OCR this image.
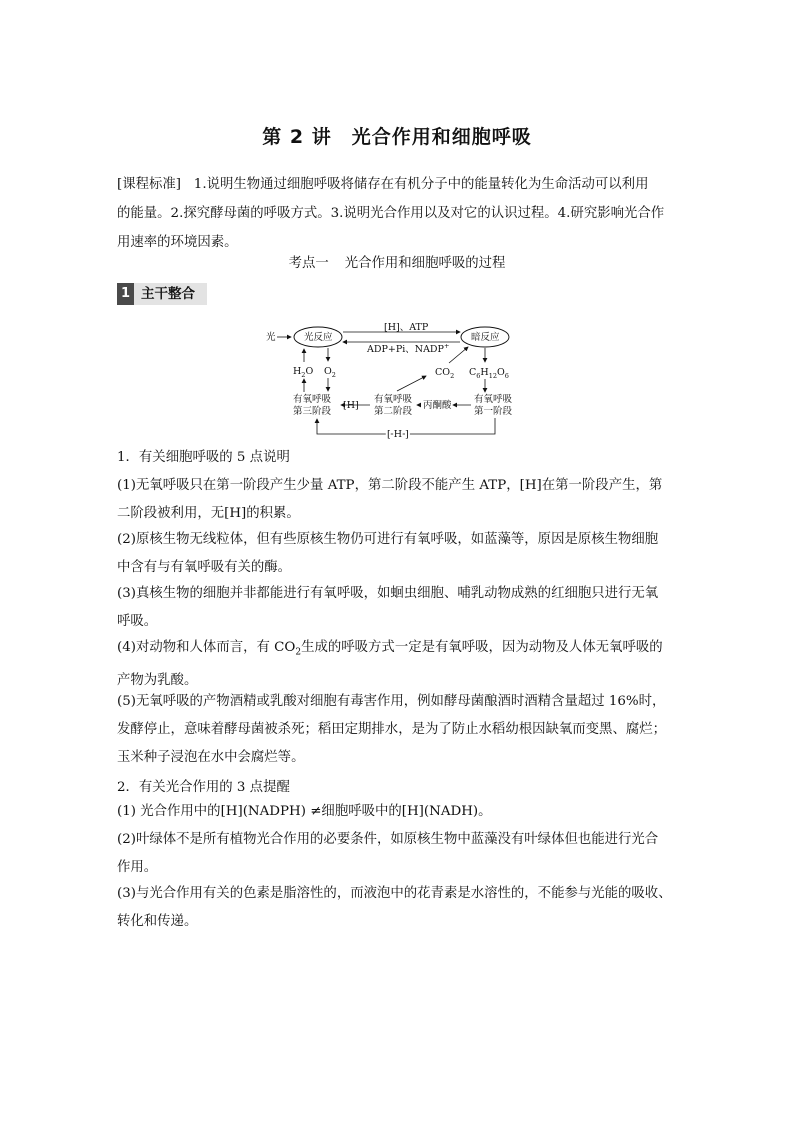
第 2 讲 光合作用和细胞呼吸
[课程标准] 1.说明生物通过细胞呼吸将储存在有机分子中的能量转化为生命活动可以利用
的能量。2.探究酵母菌的呼吸方式。3.说明光合作用以及对它的认识过程。4.研究影响光合作
用速率的环境因素。
考点一 光合作用和细胞呼吸的过程
1 主干整合
光	光反应	暗反应
[H]、ATP
ADP+Pi、NADP+
$H_2O$ $O_2$
有氧呼吸
第三阶段
[H]
有氧呼吸
第二阶段
$CO_2$ $C_6H_{12}O_6$
有氧呼吸
第一阶段
丙酮酸
[ H ]
1．有关细胞呼吸的 5 点说明
(1)无氧呼吸只在第一阶段产生少量 ATP，第二阶段不能产生 ATP，[H]在第一阶段产生，第
二阶段被利用，无[H]的积累。
(2)原核生物无线粒体，但有些原核生物仍可进行有氧呼吸，如蓝藻等，原因是原核生物细胞
中含有与有氧呼吸有关的酶。
(3)真核生物的细胞并非都能进行有氧呼吸，如蛔虫细胞、哺乳动物成熟的红细胞只进行无氧
呼吸。
(4)对动物和人体而言，有 $CO_2$生成的呼吸方式一定是有氧呼吸，因为动物及人体无氧呼吸的
产物为乳酸。
(5)无氧呼吸的产物酒精或乳酸对细胞有毒害作用，例如酵母菌酿酒时酒精含量超过 16%时，
发酵停止，意味着酵母菌被杀死；稻田定期排水，是为了防止水稻幼根因缺氧而变黑、腐烂；
玉米种子浸泡在水中会腐烂等。
2．有关光合作用的 3 点提醒
(1) 光合作用中的[H](NADPH) ≠细胞呼吸中的[H](NADH)。
(2)叶绿体不是所有植物光合作用的必要条件，如原核生物中蓝藻没有叶绿体但也能进行光合
作用。
(3)与光合作用有关的色素是脂溶性的，而液泡中的花青素是水溶性的，不能参与光能的吸收、
转化和传递。
